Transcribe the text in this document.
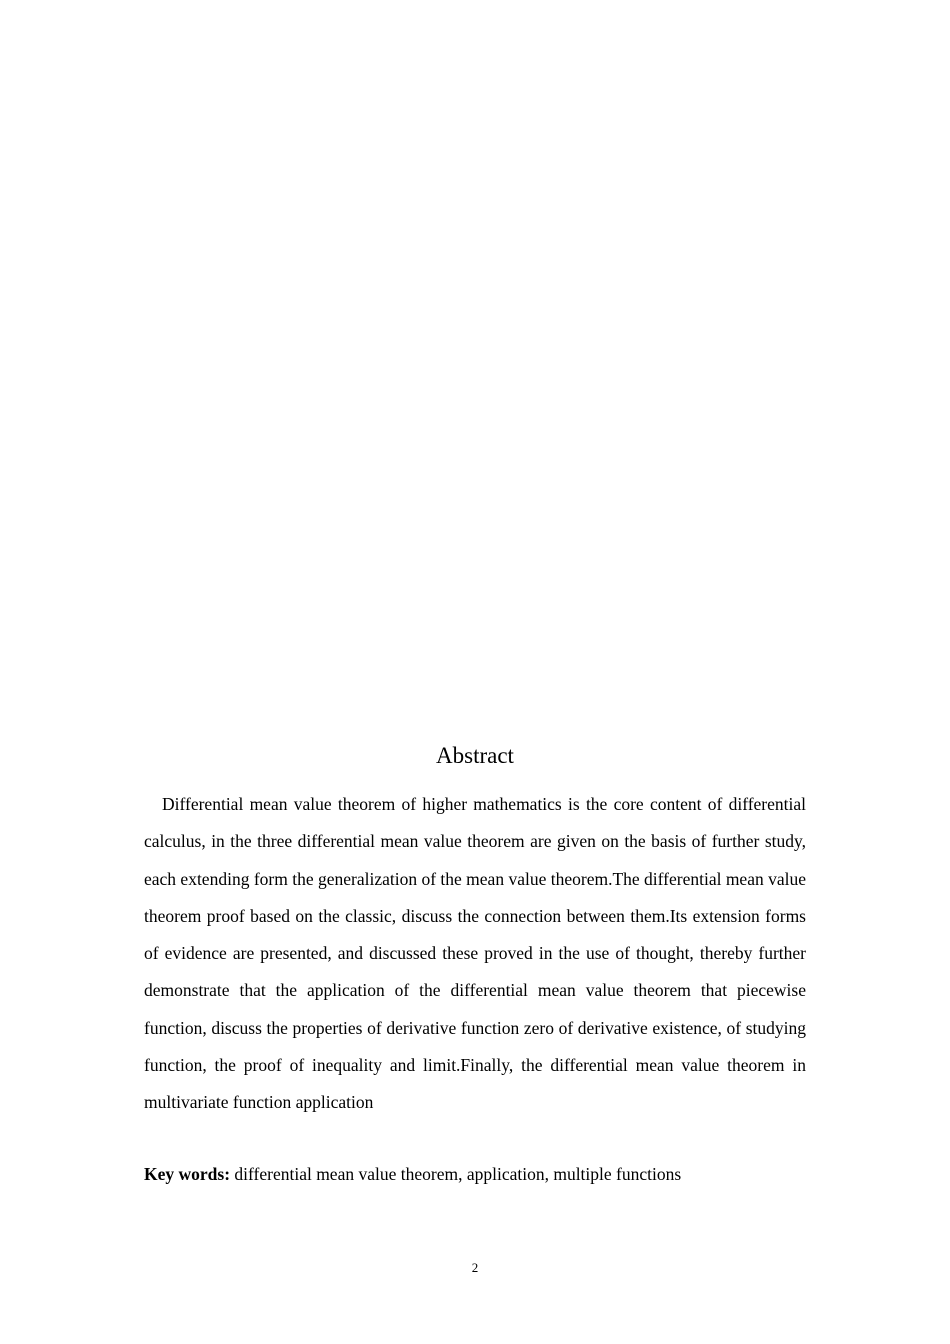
Abstract

Differential mean value theorem of higher mathematics is the core content of differential calculus, in the three differential mean value theorem are given on the basis of further study, each extending form the generalization of the mean value theorem.The differential mean value theorem proof based on the classic, discuss the connection between them.Its extension forms of evidence are presented, and discussed these proved in the use of thought, thereby further demonstrate that the application of the differential mean value theorem that piecewise function, discuss the properties of derivative function zero of derivative existence, of studying function, the proof of inequality and limit.Finally, the differential mean value theorem in multivariate function application

Key words: differential mean value theorem, application, multiple functions

2
